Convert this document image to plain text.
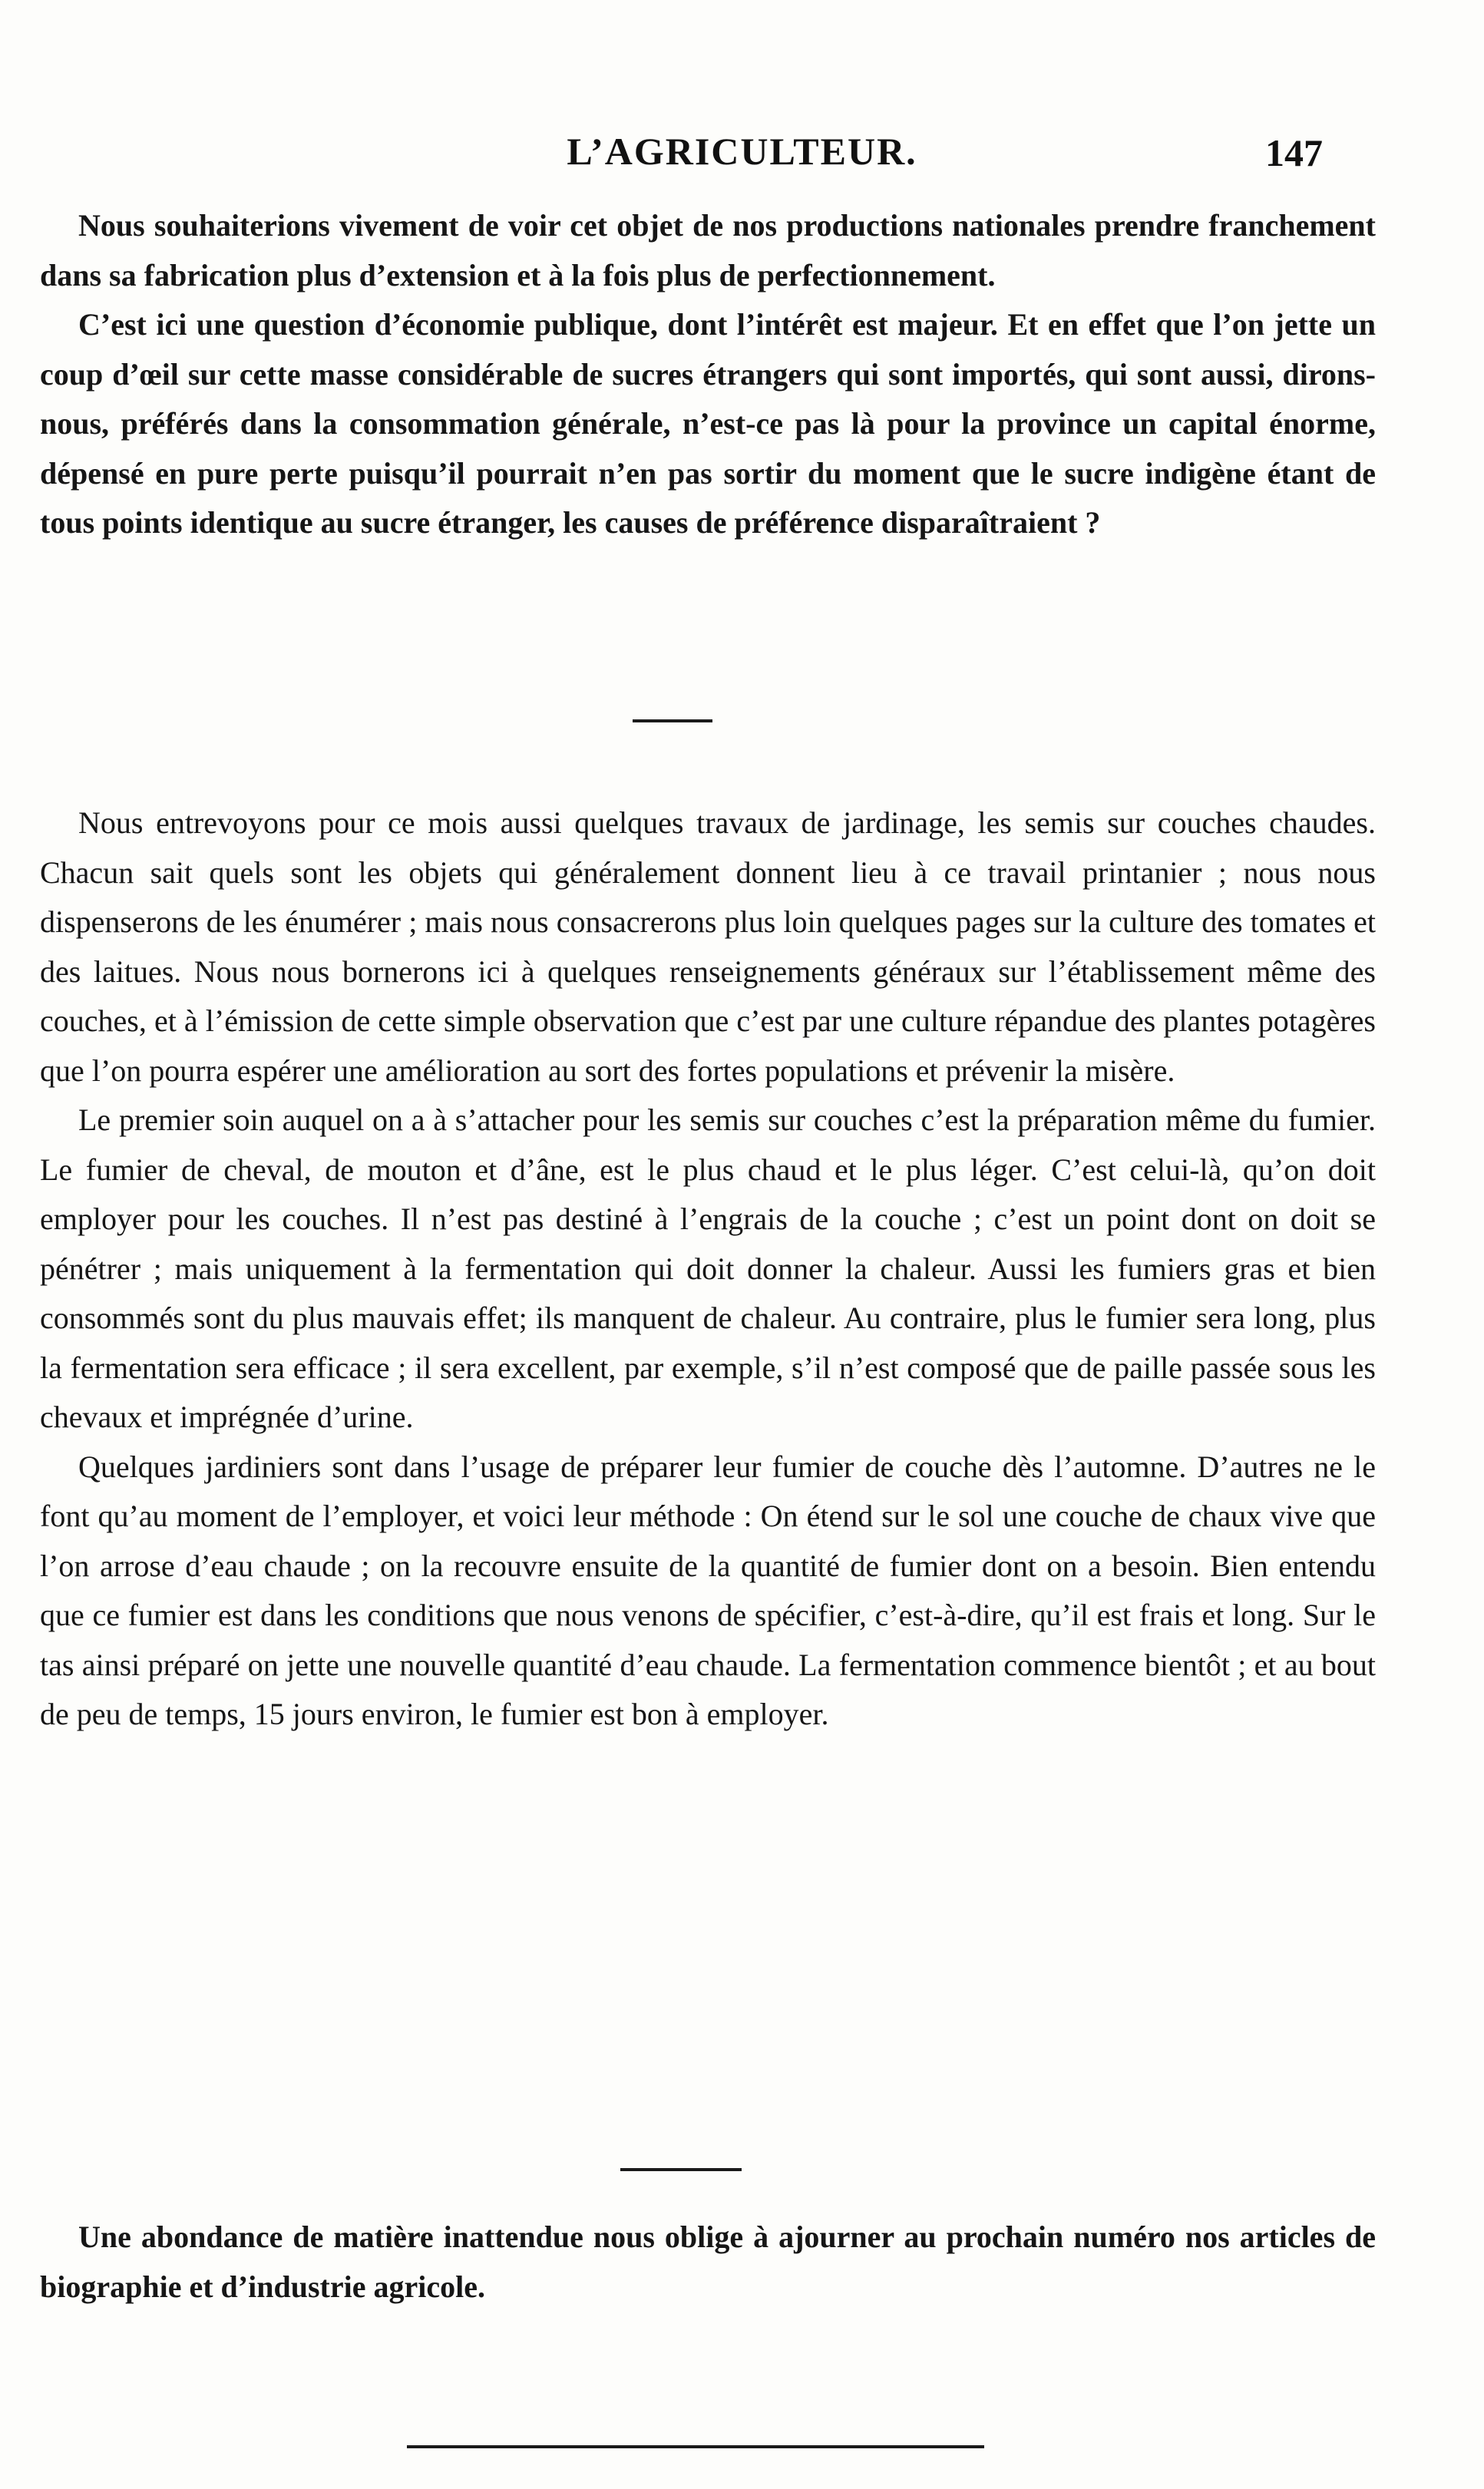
L’AGRICULTEUR.	147

Nous souhaiterions vivement de voir cet objet de nos productions nationales prendre franchement dans sa fabrication plus d’extension et à la fois plus de perfectionnement.

C’est ici une question d’économie publique, dont l’intérêt est majeur. Et en effet que l’on jette un coup d’œil sur cette masse considérable de sucres étrangers qui sont importés, qui sont aussi, dirons-nous, préférés dans la consommation générale, n’est-ce pas là pour la province un capital énorme, dépensé en pure perte puisqu’il pourrait n’en pas sortir du moment que le sucre indigène étant de tous points identique au sucre étranger, les causes de préférence disparaîtraient ?

Nous entrevoyons pour ce mois aussi quelques travaux de jardinage, les semis sur couches chaudes. Chacun sait quels sont les objets qui généralement donnent lieu à ce travail printanier ; nous nous dispenserons de les énumérer ; mais nous consacrerons plus loin quelques pages sur la culture des tomates et des laitues. Nous nous bornerons ici à quelques renseignements généraux sur l’établissement même des couches, et à l’émission de cette simple observation que c’est par une culture répandue des plantes potagères que l’on pourra espérer une amélioration au sort des fortes populations et prévenir la misère.

Le premier soin auquel on a à s’attacher pour les semis sur couches c’est la préparation même du fumier. Le fumier de cheval, de mouton et d’âne, est le plus chaud et le plus léger. C’est celui-là, qu’on doit employer pour les couches. Il n’est pas destiné à l’engrais de la couche ; c’est un point dont on doit se pénétrer ; mais uniquement à la fermentation qui doit donner la chaleur. Aussi les fumiers gras et bien consommés sont du plus mauvais effet; ils manquent de chaleur. Au contraire, plus le fumier sera long, plus la fermentation sera efficace ; il sera excellent, par exemple, s’il n’est composé que de paille passée sous les chevaux et imprégnée d’urine.

Quelques jardiniers sont dans l’usage de préparer leur fumier de couche dès l’automne. D’autres ne le font qu’au moment de l’employer, et voici leur méthode : On étend sur le sol une couche de chaux vive que l’on arrose d’eau chaude ; on la recouvre ensuite de la quantité de fumier dont on a besoin. Bien entendu que ce fumier est dans les conditions que nous venons de spécifier, c’est-à-dire, qu’il est frais et long. Sur le tas ainsi préparé on jette une nouvelle quantité d’eau chaude. La fermentation commence bientôt ; et au bout de peu de temps, 15 jours environ, le fumier est bon à employer.

Une abondance de matière inattendue nous oblige à ajourner au prochain numéro nos articles de biographie et d’industrie agricole.
